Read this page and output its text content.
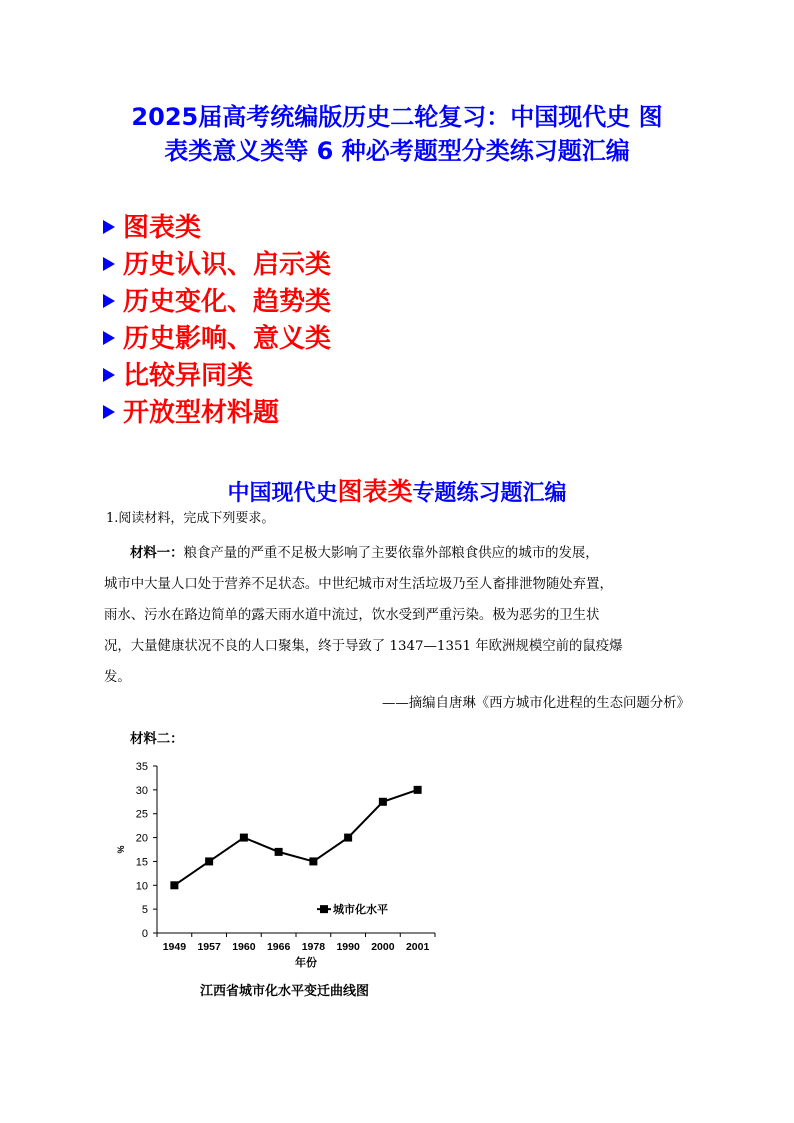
2025届高考统编版历史二轮复习：中国现代史 图
表类意义类等 6 种必考题型分类练习题汇编
图表类
历史认识、启示类
历史变化、趋势类
历史影响、意义类
比较异同类
开放型材料题
中国现代史图表类专题练习题汇编
1.阅读材料，完成下列要求。
材料一：粮食产量的严重不足极大影响了主要依靠外部粮食供应的城市的发展，
城市中大量人口处于营养不足状态。中世纪城市对生活垃圾乃至人畜排泄物随处弃置，
雨水、污水在路边简单的露天雨水道中流过，饮水受到严重污染。极为恶劣的卫生状
况，大量健康状况不良的人口聚集，终于导致了 1347—1351 年欧洲规模空前的鼠疫爆
发。
——摘编自唐琳《西方城市化进程的生态问题分析》
材料二：
0
5
10
15
20
25
30
35
1949 1957 1960 1966 1978 1990 2000 2001
年份
%
城市化水平
江西省城市化水平变迁曲线图
